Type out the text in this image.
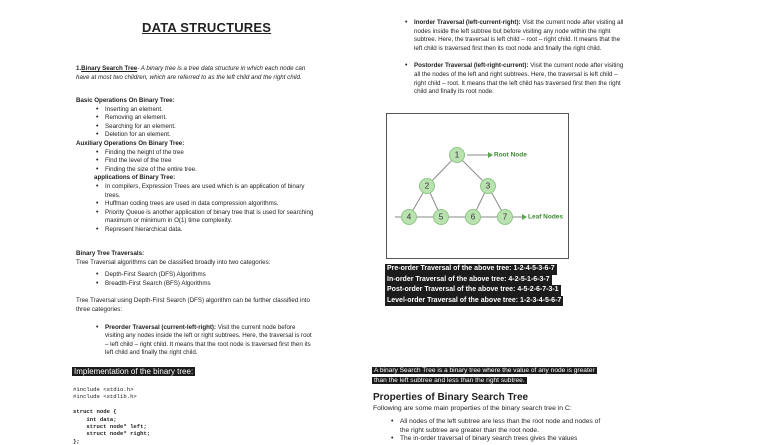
DATA STRUCTURES
1.Binary Search Tree- A binary tree is a tree data structure in which each node can have at most two children, which are referred to as the left child and the right child.
Basic Operations On Binary Tree:
• Inserting an element.
• Removing an element.
• Searching for an element.
• Deletion for an element.
Auxiliary Operations On Binary Tree:
• Finding the height of the tree
• Find the level of the tree
• Finding the size of the entire tree.
applications of Binary Tree:
• In compilers, Expression Trees are used which is an application of binary trees.
• Huffman coding trees are used in data compression algorithms.
• Priority Queue is another application of binary tree that is used for searching maximum or minimum in O(1) time complexity.
• Represent hierarchical data.
Binary Tree Traversals:
Tree Traversal algorithms can be classified broadly into two categories:
• Depth-First Search (DFS) Algorithms
• Breadth-First Search (BFS) Algorithms
Tree Traversal using Depth-First Search (DFS) algorithm can be further classified into three categories:
• Preorder Traversal (current-left-right): Visit the current node before visiting any nodes inside the left or right subtrees. Here, the traversal is root – left child – right child. It means that the root node is traversed first then its left child and finally the right child.
Implementation of the binary tree:
#include <stdio.h>
#include <stdlib.h>
struct node {
int data;
struct node* left;
struct node* right;
};
• Inorder Traversal (left-current-right): Visit the current node after visiting all nodes inside the left subtree but before visiting any node within the right subtree. Here, the traversal is left child – root – right child. It means that the left child is traversed first then its root node and finally the right child.
• Postorder Traversal (left-right-current): Visit the current node after visiting all the nodes of the left and right subtrees. Here, the traversal is left child – right child – root. It means that the left child has traversed first then the right child and finally its root node.
1
2	3
4	5	6	7
Root Node
Leaf Nodes
Pre-order Traversal of the above tree: 1-2-4-5-3-6-7
In-order Traversal of the above tree: 4-2-5-1-6-3-7
Post-order Traversal of the above tree: 4-5-2-6-7-3-1
Level-order Traversal of the above tree: 1-2-3-4-5-6-7
A binary Search Tree is a binary tree where the value of any node is greater than the left subtree and less than the right subtree.
Properties of Binary Search Tree
Following are some main properties of the binary search tree in C:
• All nodes of the left subtree are less than the root node and nodes of the right subtree are greater than the root node.
• The in-order traversal of binary search trees gives the values
